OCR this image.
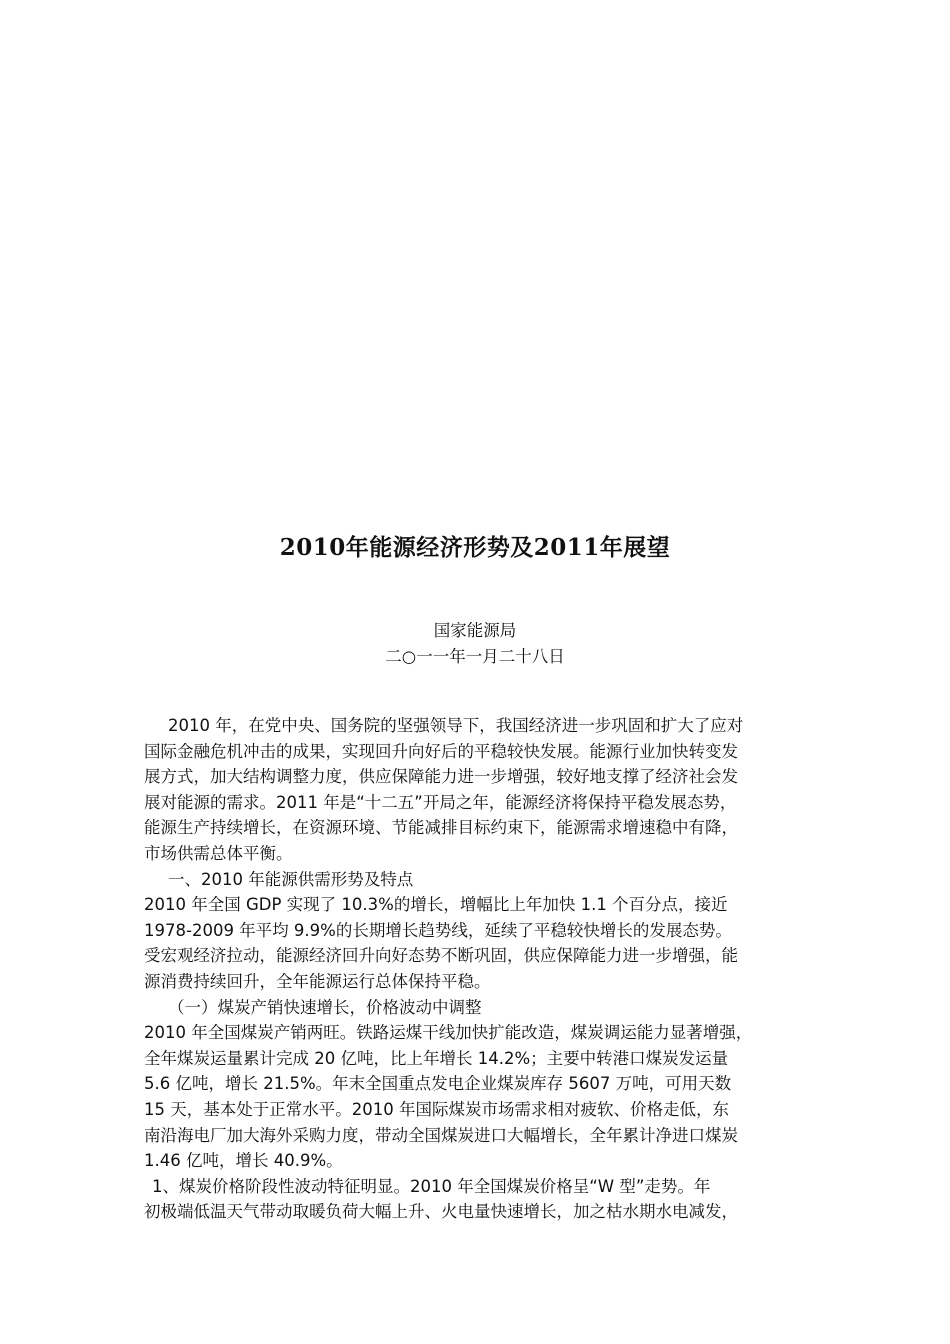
2010年能源经济形势及2011年展望

国家能源局

二○一一年一月二十八日

2010 年，在党中央、国务院的坚强领导下，我国经济进一步巩固和扩大了应对

国际金融危机冲击的成果，实现回升向好后的平稳较快发展。能源行业加快转变发

展方式，加大结构调整力度，供应保障能力进一步增强，较好地支撑了经济社会发

展对能源的需求。2011 年是“十二五”开局之年，能源经济将保持平稳发展态势，

能源生产持续增长，在资源环境、节能减排目标约束下，能源需求增速稳中有降，

市场供需总体平衡。

一、2010 年能源供需形势及特点

2010 年全国 GDP 实现了 10.3%的增长，增幅比上年加快 1.1 个百分点，接近

1978-2009 年平均 9.9%的长期增长趋势线，延续了平稳较快增长的发展态势。

受宏观经济拉动，能源经济回升向好态势不断巩固，供应保障能力进一步增强，能

源消费持续回升，全年能源运行总体保持平稳。

（一）煤炭产销快速增长，价格波动中调整

2010 年全国煤炭产销两旺。铁路运煤干线加快扩能改造，煤炭调运能力显著增强，

全年煤炭运量累计完成 20 亿吨，比上年增长 14.2%；主要中转港口煤炭发运量

5.6 亿吨，增长 21.5%。年末全国重点发电企业煤炭库存 5607 万吨，可用天数

15 天，基本处于正常水平。2010 年国际煤炭市场需求相对疲软、价格走低，东

南沿海电厂加大海外采购力度，带动全国煤炭进口大幅增长，全年累计净进口煤炭

1.46 亿吨，增长 40.9%。

1、煤炭价格阶段性波动特征明显。2010 年全国煤炭价格呈“W 型”走势。年

初极端低温天气带动取暖负荷大幅上升、火电量快速增长，加之枯水期水电减发，
